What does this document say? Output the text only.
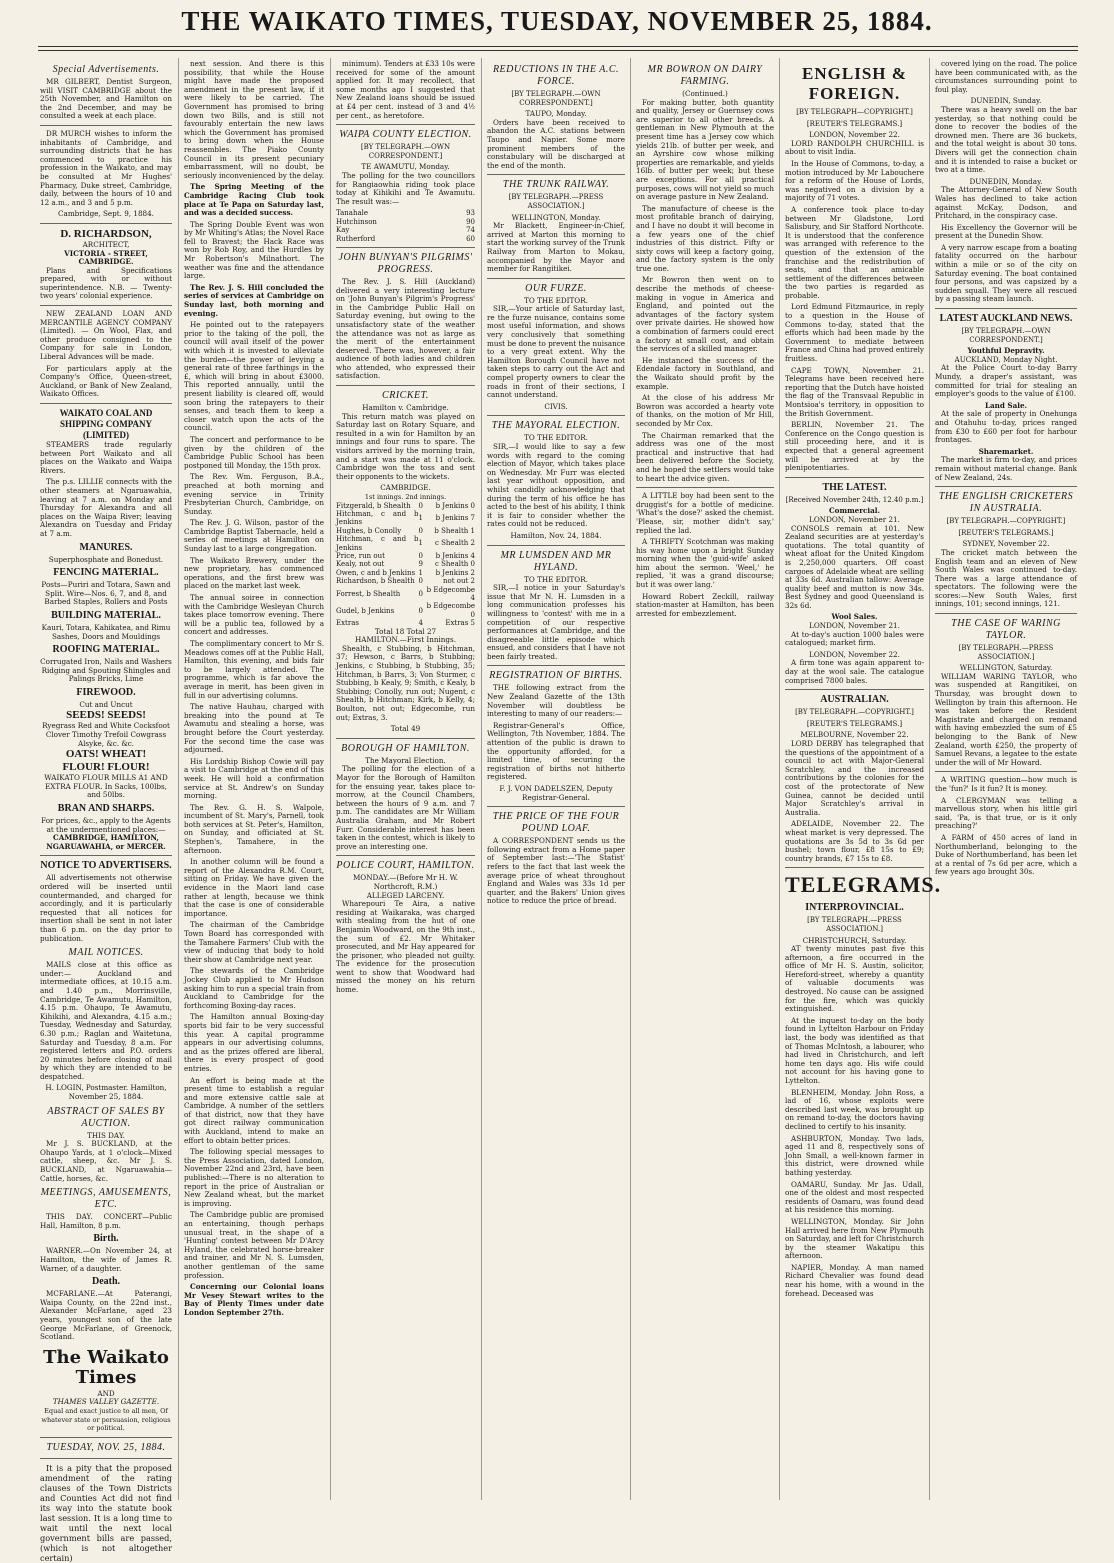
THE WAIKATO TIMES, TUESDAY, NOVEMBER 25, 1884.
Special Advertisements.

MR GILBERT, Dentist Surgeon, will VISIT CAMBRIDGE about the 25th November, and Hamilton on the 2nd December, and may be consulted a week at each place.

DR MURCH wishes to inform the inhabitants of Cambridge, and surrounding districts that he has commenced to practice his profession in the Waikato, and may be consulted at Mr Hughes' Pharmacy, Duke street, Cambridge, daily, between the hours of 10 and 12 a.m., and 3 and 5 p.m.

Cambridge, Sept. 9, 1884.
D. RICHARDSON,
ARCHITECT,
VICTORIA - STREET, CAMBRIDGE.

Plans and Specifications prepared, with or without superintendence. N.B. — Twenty-two years' colonial experience.

NEW ZEALAND LOAN AND MERCANTILE AGENCY COMPANY (Limited). — On Wool, Flax, and other produce consigned to the Company for sale in London, Liberal Advances will be made.

For particulars apply at the Company's Office, Queen-street, Auckland, or Bank of New Zealand, Waikato Offices.

WAIKATO COAL AND SHIPPING COMPANY (LIMITED)

STEAMERS trade regularly between Port Waikato and all places on the Waikato and Waipa Rivers.

The p.s. LILLIE connects with the other steamers at Ngaruawahia, leaving at 7 a.m. on Monday and Thursday for Alexandra and all places on the Waipa River; leaving Alexandra on Tuesday and Friday at 7 a.m.

MANURES.
Superphosphate and Bonedust.
FENCING MATERIAL.
Posts—Puriri and Totara, Sawn and Split. Wire—Nos. 6, 7, and 8, and Barbed Staples, Rollers and Posts
BUILDING MATERIAL.
Kauri, Totara, Kahikatea, and Rimu Sashes, Doors and Mouldings
ROOFING MATERIAL.
Corrugated Iron, Nails and Washers Ridging and Spouting Shingles and Palings Bricks, Lime
FIREWOOD.
Cut and Uncut
SEEDS! SEEDS!
Ryegrass Red and White Cocksfoot Clover Timothy Trefoil Cowgrass Alsyke, &c. &c.
OATS! WHEAT!
FLOUR! FLOUR!
WAIKATO FLOUR MILLS A1 AND EXTRA FLOUR. In Sacks, 100lbs, and 50lbs.
BRAN AND SHARPS.
For prices, &c., apply to the Agents at the undermentioned places:—
CAMBRIDGE, HAMILTON, NGARUAWAHIA, or MERCER.
NOTICE TO ADVERTISERS.

All advertisements not otherwise ordered will be inserted until countermanded, and charged for accordingly, and it is particularly requested that all notices for insertion shall be sent in not later than 6 p.m. on the day prior to publication.

MAIL NOTICES.

MAILS close at this office as under:— Auckland and intermediate offices, at 10.15 a.m. and 1.40 p.m., Morrinsville, Cambridge, Te Awamutu, Hamilton, 4.15 p.m. Ohaupo, Te Awamutu, Kihikihi, and Alexandra, 4.15 a.m.; Tuesday, Wednesday and Saturday, 6.30 p.m.; Raglan and Waitetuna, Saturday and Tuesday, 8 a.m. For registered letters and P.O. orders 20 minutes before closing of mail by which they are intended to be despatched.

H. LOGIN, Postmaster. Hamilton, November 25, 1884.
ABSTRACT OF SALES BY AUCTION.
THIS DAY.

Mr J. S. BUCKLAND, at the Ohaupo Yards, at 1 o'clock—Mixed cattle, sheep, &c. Mr J. S. BUCKLAND, at Ngaruawahia—Cattle, horses, &c.

MEETINGS, AMUSEMENTS, ETC.

THIS DAY. CONCERT—Public Hall, Hamilton, 8 p.m.

Birth.

WARNER.—On November 24, at Hamilton, the wife of James R. Warner, of a daughter.

Death.

MCFARLANE.—At Paterangi, Waipa County, on the 22nd inst., Alexander McFarlane, aged 23 years, youngest son of the late George McFarlane, of Greenock, Scotland.

The Waikato Times
AND
THAMES VALLEY GAZETTE.
Equal and exact justice to all men, Of whatever state or persuasion, religious or political.
TUESDAY, NOV. 25, 1884.

It is a pity that the proposed amendment of the rating clauses of the Town Districts and Counties Act did not find its way into the statute book last session. It is a long time to wait until the next local government bills are passed, (which is not altogether certain)

next session. And there is this possibility, that while the House might have made the proposed amendment in the present law, if it were likely to be carried. The Government has promised to bring down two Bills, and is still not favourably entertain the new laws which the Government has promised to bring down when the House reassembles. The Piako County Council in its present pecuniary embarrassment, will no doubt, be seriously inconvenienced by the delay.

The Spring Meeting of the Cambridge Racing Club took place at Te Papa on Saturday last, and was a decided success.

The Spring Double Event was won by Mr Whiting's Atlas; the Novel Race fell to Bravest; the Hack Race was won by Rob Roy, and the Hurdles by Mr Robertson's Milnathort. The weather was fine and the attendance large.

The Rev. J. S. Hill concluded the series of services at Cambridge on Sunday last, both morning and evening.

He pointed out to the ratepayers prior to the taking of the poll, the council will avail itself of the power with which it is invested to alleviate the burden—the power of levying a general rate of three farthings in the £, which will bring in about £3000. This reported annually, until the present liability is cleared off, would soon bring the ratepayers to their senses, and teach them to keep a closer watch upon the acts of the council.

The concert and performance to be given by the children of the Cambridge Public School has been postponed till Monday, the 15th prox.

The Rev. Wm. Ferguson, B.A., preached at both morning and evening service in Trinity Presbyterian Church, Cambridge, on Sunday.

The Rev. J. G. Wilson, pastor of the Cambridge Baptist Tabernacle, held a series of meetings at Hamilton on Sunday last to a large congregation.

The Waikato Brewery, under the new proprietary, has commenced operations, and the first brew was placed on the market last week.

The annual soiree in connection with the Cambridge Wesleyan Church takes place tomorrow evening. There will be a public tea, followed by a concert and addresses.

The complimentary concert to Mr S. Meadows comes off at the Public Hall, Hamilton, this evening, and bids fair to be largely attended. The programme, which is far above the average in merit, has been given in full in our advertising columns.

The native Hauhau, charged with breaking into the pound at Te Awamutu and stealing a horse, was brought before the Court yesterday. For the second time the case was adjourned.

His Lordship Bishop Cowie will pay a visit to Cambridge at the end of this week. He will hold a confirmation service at St. Andrew's on Sunday morning.

The Rev. G. H. S. Walpole, incumbent of St. Mary's, Parnell, took both services at St. Peter's, Hamilton, on Sunday, and officiated at St. Stephen's, Tamahere, in the afternoon.

In another column will be found a report of the Alexandra R.M. Court, sitting on Friday. We have given the evidence in the Maori land case rather at length, because we think that the case is one of considerable importance.

The chairman of the Cambridge Town Board has corresponded with the Tamahere Farmers' Club with the view of inducing that body to hold their show at Cambridge next year.

The stewards of the Cambridge Jockey Club applied to Mr Hudson asking him to run a special train from Auckland to Cambridge for the forthcoming Boxing-day races.

The Hamilton annual Boxing-day sports bid fair to be very successful this year. A capital programme appears in our advertising columns, and as the prizes offered are liberal, there is every prospect of good entries.

An effort is being made at the present time to establish a regular and more extensive cattle sale at Cambridge. A number of the settlers of that district, now that they have got direct railway communication with Auckland, intend to make an effort to obtain better prices.

The following special messages to the Press Association, dated London, November 22nd and 23rd, have been published:—There is no alteration to report in the price of Australian or New Zealand wheat, but the market is improving.

The Cambridge public are promised an entertaining, though perhaps unusual treat, in the shape of a 'Hunting' contest between Mr D'Arcy Hyland, the celebrated horse-breaker and trainer, and Mr N. S. Lumsden, another gentleman of the same profession.

Concerning our Colonial loans Mr Vesey Stewart writes to the Bay of Plenty Times under date London September 27th.

minimum). Tenders at £33 10s were received for some of the amount applied for. It may recollect, that some months ago I suggested that New Zealand loans should be issued at £4 per cent. instead of 3 and 4½ per cent., as heretofore.

WAIPA COUNTY ELECTION.
[BY TELEGRAPH.—OWN CORRESPONDENT.]
TE AWAMUTU, Monday.

The polling for the two councillors for Rangiaowhia riding took place today at Kihikihi and Te Awamutu. The result was:—

Tanahale	93
Hutchinson	90
Kay	74
Rutherford	60
JOHN BUNYAN'S PILGRIMS' PROGRESS.

The Rev. J. S. Hill (Auckland) delivered a very interesting lecture on 'John Bunyan's Pilgrim's Progress' in the Cambridge Public Hall on Saturday evening, but owing to the unsatisfactory state of the weather the attendance was not as large as the merit of the entertainment deserved. There was, however, a fair audience of both ladies and children who attended, who expressed their satisfaction.

CRICKET.
Hamilton v. Cambridge.

This return match was played on Saturday last on Rotary Square, and resulted in a win for Hamilton by an innings and four runs to spare. The visitors arrived by the morning train, and a start was made at 11 o'clock. Cambridge won the toss and sent their opponents to the wickets.

CAMBRIDGE.
1st innings. 2nd innings.
Fitzgerald, b Shealth	0	b Jenkins 0
Hitchman, c and b Jenkins	1	b Jenkins 7
Hughes, b Conolly	0	b Shealth 1
Hitchman, c and b Jenkins	1	c Shealth 2
Price, run out	0	b Jenkins 4
Kealy, not out	9	c Shealth 0
Owen, c and b Jenkins	1	b Jenkins 2
Richardson, b Shealth	0	not out 2
Forrest, b Shealth	0	b Edgecombe 4
Gudel, b Jenkins	0	b Edgecombe 0
Extras	4	Extras 5
Total 18 Total 27
HAMILTON.—First Innings.

Shealth, c Stubbing, b Hitchman, 37; Hewson, c Barrs, b Stubbing; Jenkins, c Stubbing, b Stubbing, 35; Hitchman, b Barrs, 3; Von Sturmer, c Stubbing, b Kealy, 9; Smith, c Kealy, b Stubbing; Conolly, run out; Nugent, c Shealth, b Hitchman; Kirk, b Kelly, 4; Boulton, not out; Edgecombe, run out; Extras, 3.

Total 49
BOROUGH OF HAMILTON.
The Mayoral Election.

The polling for the election of a Mayor for the Borough of Hamilton for the ensuing year, takes place to-morrow, at the Council Chambers, between the hours of 9 a.m. and 7 p.m. The candidates are Mr William Australia Graham, and Mr Robert Furr. Considerable interest has been taken in the contest, which is likely to prove an interesting one.

POLICE COURT, HAMILTON.
MONDAY.—(Before Mr H. W. Northcroft, R.M.)
ALLEGED LARCENY.

Wharepouri Te Aira, a native residing at Waikaraka, was charged with stealing from the hut of one Benjamin Woodward, on the 9th inst., the sum of £2. Mr Whitaker prosecuted, and Mr Hay appeared for the prisoner, who pleaded not guilty. The evidence for the prosecution went to show that Woodward had missed the money on his return home.

REDUCTIONS IN THE A.C. FORCE.
[BY TELEGRAPH.—OWN CORRESPONDENT.]
TAUPO, Monday.

Orders have been received to abandon the A.C. stations between Taupo and Napier. Some more prominent members of the constabulary will be discharged at the end of the month.

THE TRUNK RAILWAY.
[BY TELEGRAPH.—PRESS ASSOCIATION.]
WELLINGTON, Monday.

Mr Blackett, Engineer-in-Chief, arrived at Marton this morning to start the working survey of the Trunk Railway from Marton to Mokau, accompanied by the Mayor and member for Rangitikei.

OUR FURZE.
TO THE EDITOR.

SIR,—Your article of Saturday last, re the furze nuisance, contains some most useful information, and shows very conclusively that something must be done to prevent the nuisance to a very great extent. Why the Hamilton Borough Council have not taken steps to carry out the Act and compel property owners to clear the roads in front of their sections, I cannot understand.

CIVIS.
THE MAYORAL ELECTION.
TO THE EDITOR.

SIR,—I would like to say a few words with regard to the coming election of Mayor, which takes place on Wednesday. Mr Furr was elected last year without opposition, and whilst candidly acknowledging that during the term of his office he has acted to the best of his ability, I think it is fair to consider whether the rates could not be reduced.

Hamilton, Nov. 24, 1884.
MR LUMSDEN AND MR HYLAND.
TO THE EDITOR.

SIR,—I notice in your Saturday's issue that Mr N. H. Lumsden in a long communication professes his willingness to 'contest' with me in a competition of our respective performances at Cambridge, and the disagreeable little episode which ensued, and considers that I have not been fairly treated.

REGISTRATION OF BIRTHS.

THE following extract from the New Zealand Gazette of the 13th November will doubtless be interesting to many of our readers:—

Registrar-General's Office, Wellington, 7th November, 1884. The attention of the public is drawn to the opportunity afforded, for a limited time, of securing the registration of births not hitherto registered.

F. J. VON DADELSZEN, Deputy Registrar-General.
THE PRICE OF THE FOUR POUND LOAF.

A CORRESPONDENT sends us the following extract from a Home paper of September last:—'The Statist' refers to the fact that last week the average price of wheat throughout England and Wales was 33s 1d per quarter, and the Bakers' Union gives notice to reduce the price of bread.

MR BOWRON ON DAIRY FARMING.
(Continued.)

For making butter, both quantity and quality, Jersey or Guernsey cows are superior to all other breeds. A gentleman in New Plymouth at the present time has a Jersey cow which yields 21lb. of butter per week, and an Ayrshire cow whose milking properties are remarkable, and yields 16lb. of butter per week; but these are exceptions. For all practical purposes, cows will not yield so much on average pasture in New Zealand.

The manufacture of cheese is the most profitable branch of dairying, and I have no doubt it will become in a few years one of the chief industries of this district. Fifty or sixty cows will keep a factory going, and the factory system is the only true one.

Mr Bowron then went on to describe the methods of cheese-making in vogue in America and England, and pointed out the advantages of the factory system over private dairies. He showed how a combination of farmers could erect a factory at small cost, and obtain the services of a skilled manager.

He instanced the success of the Edendale factory in Southland, and the Waikato should profit by the example.

At the close of his address Mr Bowron was accorded a hearty vote of thanks, on the motion of Mr Hill, seconded by Mr Cox.

The Chairman remarked that the address was one of the most practical and instructive that had been delivered before the Society, and he hoped the settlers would take to heart the advice given.

A LITTLE boy had been sent to the druggist's for a bottle of medicine. 'What's the dose?' asked the chemist. 'Please, sir, mother didn't say,' replied the lad.

A THRIFTY Scotchman was making his way home upon a bright Sunday morning when the 'guid-wife' asked him about the sermon. 'Weel,' he replied, 'it was a grand discourse; but it was ower lang.'

Howard Robert Zeckill, railway station-master at Hamilton, has been arrested for embezzlement.

ENGLISH & FOREIGN.
[BY TELEGRAPH—COPYRIGHT.]
[REUTER'S TELEGRAMS.]
LONDON, November 22.

LORD RANDOLPH CHURCHILL is about to visit India.

In the House of Commons, to-day, a motion introduced by Mr Labouchere for a reform of the House of Lords, was negatived on a division by a majority of 71 votes.

A conference took place to-day between Mr Gladstone, Lord Salisbury, and Sir Stafford Northcote. It is understood that the conference was arranged with reference to the question of the extension of the franchise and the redistribution of seats, and that an amicable settlement of the differences between the two parties is regarded as probable.

Lord Edmund Fitzmaurice, in reply to a question in the House of Commons to-day, stated that the efforts which had been made by the Government to mediate between France and China had proved entirely fruitless.

CAPE TOWN, November 21. Telegrams have been received here reporting that the Dutch have hoisted the flag of the Transvaal Republic in Montsioa's territory, in opposition to the British Government.

BERLIN, November 21. The Conference on the Congo question is still proceeding here, and it is expected that a general agreement will be arrived at by the plenipotentiaries.

THE LATEST.
[Received November 24th, 12.40 p.m.]
Commercial.
LONDON, November 21.

CONSOLS remain at 101. New Zealand securities are at yesterday's quotations. The total quantity of wheat afloat for the United Kingdom is 2,250,000 quarters. Off coast cargoes of Adelaide wheat are selling at 33s 6d. Australian tallow: Average quality beef and mutton is now 34s. Best Sydney and good Queensland is 32s 6d.

Wool Sales.
LONDON, November 21.

At to-day's auction 1000 bales were catalogued; market firm.

LONDON, November 22.

A firm tone was again apparent to-day at the wool sale. The catalogue comprised 7800 bales.

AUSTRALIAN.
[BY TELEGRAPH.—COPYRIGHT.]
[REUTER'S TELEGRAMS.]
MELBOURNE, November 22.

LORD DERBY has telegraphed that the questions of the appointment of a council to act with Major-General Scratchley, and the increased contributions by the colonies for the cost of the protectorate of New Guinea, cannot be decided until Major Scratchley's arrival in Australia.

ADELAIDE, November 22. The wheat market is very depressed. The quotations are 3s 5d to 3s 6d per bushel; town flour, £8 15s to £9; country brands, £7 15s to £8.

TELEGRAMS.
INTERPROVINCIAL.
[BY TELEGRAPH.—PRESS ASSOCIATION.]
CHRISTCHURCH, Saturday.

AT twenty minutes past five this afternoon, a fire occurred in the office of Mr H. S. Austin, solicitor, Hereford-street, whereby a quantity of valuable documents was destroyed. No cause can be assigned for the fire, which was quickly extinguished.

At the inquest to-day on the body found in Lyttelton Harbour on Friday last, the body was identified as that of Thomas McIntosh, a labourer, who had lived in Christchurch, and left home ten days ago. His wife could not account for his having gone to Lyttelton.

BLENHEIM, Monday. John Ross, a lad of 16, whose exploits were described last week, was brought up on remand to-day, the doctors having declined to certify to his insanity.

ASHBURTON, Monday. Two lads, aged 11 and 8, respectively sons of John Small, a well-known farmer in this district, were drowned while bathing yesterday.

OAMARU, Sunday. Mr Jas. Udall, one of the oldest and most respected residents of Oamaru, was found dead at his residence this morning.

WELLINGTON, Monday. Sir John Hall arrived here from New Plymouth on Saturday, and left for Christchurch by the steamer Wakatipu this afternoon.

NAPIER, Monday. A man named Richard Chevalier was found dead near his home, with a wound in the forehead. Deceased was

covered lying on the road. The police have been communicated with, as the circumstances surrounding point to foul play.

DUNEDIN, Sunday.

There was a heavy swell on the bar yesterday, so that nothing could be done to recover the bodies of the drowned men. There are 36 buckets, and the total weight is about 30 tons. Divers will get the connection chain and it is intended to raise a bucket or two at a time.

DUNEDIN, Monday.

The Attorney-General of New South Wales has declined to take action against McKay, Dodson, and Pritchard, in the conspiracy case.

His Excellency the Governor will be present at the Dunedin Show.

A very narrow escape from a boating fatality occurred on the harbour within a mile or so of the city on Saturday evening. The boat contained four persons, and was capsized by a sudden squall. They were all rescued by a passing steam launch.

LATEST AUCKLAND NEWS.
[BY TELEGRAPH.—OWN CORRESPONDENT.]
Youthful Depravity.
AUCKLAND, Monday Night.

At the Police Court to-day Barry Mundy, a draper's assistant, was committed for trial for stealing an employer's goods to the value of £100.

Land Sale.

At the sale of property in Onehunga and Otahuhu to-day, prices ranged from £30 to £60 per foot for harbour frontages.

Sharemarket.

The market is firm to-day, and prices remain without material change. Bank of New Zealand, 24s.

THE ENGLISH CRICKETERS IN AUSTRALIA.
[BY TELEGRAPH.—COPYRIGHT.]
[REUTER'S TELEGRAMS.]
SYDNEY, November 22.

The cricket match between the English team and an eleven of New South Wales was continued to-day. There was a large attendance of spectators. The following were the scores:—New South Wales, first innings, 101; second innings, 121.

THE CASE OF WARING TAYLOR.
[BY TELEGRAPH.—PRESS ASSOCIATION.]
WELLINGTON, Saturday.

WILLIAM WARING TAYLOR, who was suspended at Rangitikei, on Thursday, was brought down to Wellington by train this afternoon. He was taken before the Resident Magistrate and charged on remand with having embezzled the sum of £5 belonging to the Bank of New Zealand, worth £250, the property of Samuel Revans, a legatee to the estate under the will of Mr Howard.

A WRITING question—how much is the 'fun?' Is it fun? It is money.

A CLERGYMAN was telling a marvellous story, when his little girl said, 'Pa, is that true, or is it only preaching?'

A FARM of 450 acres of land in Northumberland, belonging to the Duke of Northumberland, has been let at a rental of 7s 6d per acre, which a few years ago brought 30s.
